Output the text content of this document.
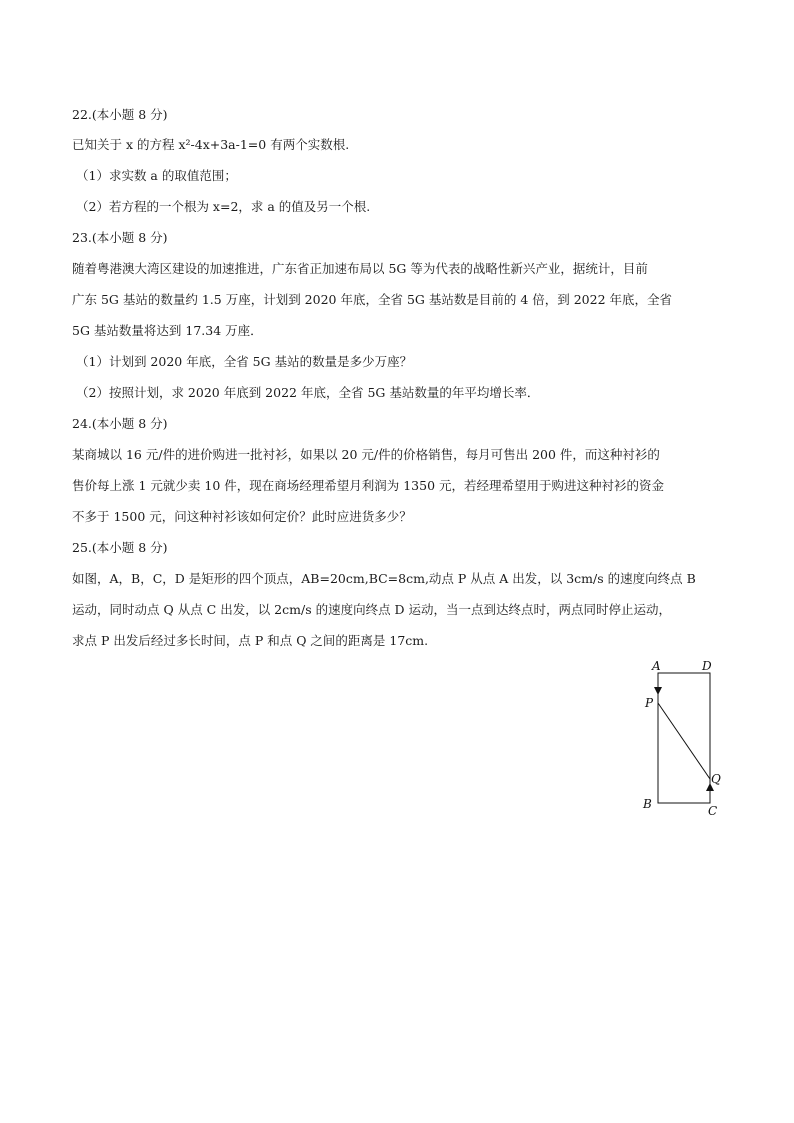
22.(本小题 8 分)
已知关于 x 的方程 x²-4x+3a-1=0 有两个实数根.
（1）求实数 a 的取值范围；
（2）若方程的一个根为 x=2，求 a 的值及另一个根.
23.(本小题 8 分)
随着粤港澳大湾区建设的加速推进，广东省正加速布局以 5G 等为代表的战略性新兴产业，据统计，目前
广东 5G 基站的数量约 1.5 万座，计划到 2020 年底，全省 5G 基站数是目前的 4 倍，到 2022 年底，全省
5G 基站数量将达到 17.34 万座．
（1）计划到 2020 年底，全省 5G 基站的数量是多少万座？
（2）按照计划，求 2020 年底到 2022 年底，全省 5G 基站数量的年平均增长率．
24.(本小题 8 分)
某商城以 16 元/件的进价购进一批衬衫，如果以 20 元/件的价格销售，每月可售出 200 件，而这种衬衫的
售价每上涨 1 元就少卖 10 件，现在商场经理希望月利润为 1350 元，若经理希望用于购进这种衬衫的资金
不多于 1500 元，问这种衬衫该如何定价？此时应进货多少？
25.(本小题 8 分)
如图，A，B，C，D 是矩形的四个顶点，AB=20cm,BC=8cm,动点 P 从点 A 出发，以 3cm/s 的速度向终点 B
运动，同时动点 Q 从点 C 出发，以 2cm/s 的速度向终点 D 运动，当一点到达终点时，两点同时停止运动，
求点 P 出发后经过多长时间，点 P 和点 Q 之间的距离是 17cm.
A	D
P
Q
B	C
